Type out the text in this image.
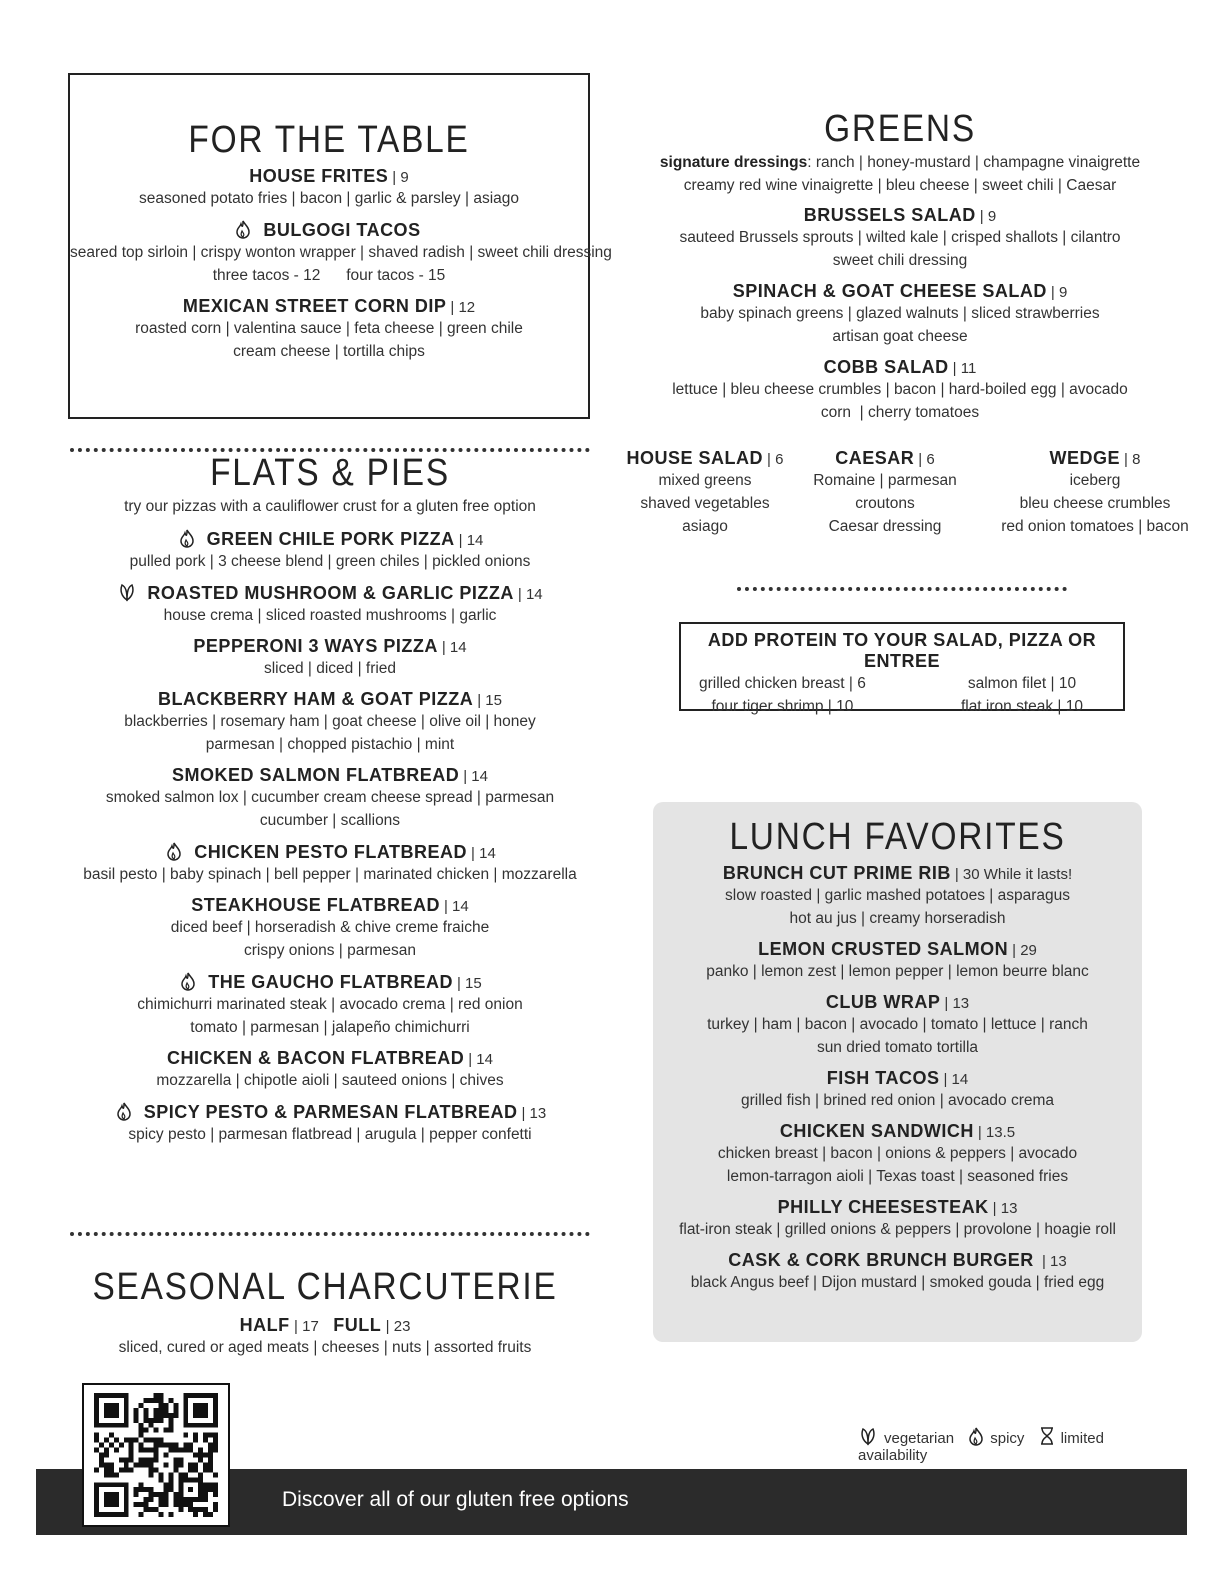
FOR THE TABLE
HOUSE FRITES | 9
seasoned potato fries | bacon | garlic & parsley | asiago
BULGOGI TACOS
seared top sirloin | crispy wonton wrapper | shaved radish | sweet chili dressing
three tacos - 12      four tacos - 15
MEXICAN STREET CORN DIP | 12
roasted corn | valentina sauce | feta cheese | green chile
cream cheese | tortilla chips
FLATS & PIES
try our pizzas with a cauliflower crust for a gluten free option
GREEN CHILE PORK PIZZA | 14
pulled pork | 3 cheese blend | green chiles | pickled onions
ROASTED MUSHROOM & GARLIC PIZZA | 14
house crema | sliced roasted mushrooms | garlic
PEPPERONI 3 WAYS PIZZA | 14
sliced | diced | fried
BLACKBERRY HAM & GOAT PIZZA | 15
blackberries | rosemary ham | goat cheese | olive oil | honey
parmesan | chopped pistachio | mint
SMOKED SALMON FLATBREAD | 14
smoked salmon lox | cucumber cream cheese spread | parmesan
cucumber | scallions
CHICKEN PESTO FLATBREAD | 14
basil pesto | baby spinach | bell pepper | marinated chicken | mozzarella
STEAKHOUSE FLATBREAD | 14
diced beef | horseradish & chive creme fraiche
crispy onions | parmesan
THE GAUCHO FLATBREAD | 15
chimichurri marinated steak | avocado crema | red onion
tomato | parmesan | jalapeño chimichurri
CHICKEN & BACON FLATBREAD | 14
mozzarella | chipotle aioli | sauteed onions | chives
SPICY PESTO & PARMESAN FLATBREAD | 13
spicy pesto | parmesan flatbread | arugula | pepper confetti
SEASONAL CHARCUTERIE
HALF | 17 FULL | 23
sliced, cured or aged meats | cheeses | nuts | assorted fruits
GREENS
signature dressings: ranch | honey-mustard | champagne vinaigrette
creamy red wine vinaigrette | bleu cheese | sweet chili | Caesar
BRUSSELS SALAD | 9
sauteed Brussels sprouts | wilted kale | crisped shallots | cilantro
sweet chili dressing
SPINACH & GOAT CHEESE SALAD | 9
baby spinach greens | glazed walnuts | sliced strawberries
artisan goat cheese
COBB SALAD | 11
lettuce | bleu cheese crumbles | bacon | hard-boiled egg | avocado
corn  | cherry tomatoes
HOUSE SALAD | 6
mixed greens
shaved vegetables
asiago
CAESAR | 6
Romaine | parmesan
croutons
Caesar dressing
WEDGE | 8
iceberg
bleu cheese crumbles
red onion tomatoes | bacon
ADD PROTEIN TO YOUR SALAD, PIZZA OR ENTREE
grilled chicken breast | 6
four tiger shrimp | 10
salmon filet | 10
flat iron steak | 10
LUNCH FAVORITES
BRUNCH CUT PRIME RIB | 30 While it lasts!
slow roasted | garlic mashed potatoes | asparagus
hot au jus | creamy horseradish
LEMON CRUSTED SALMON | 29
panko | lemon zest | lemon pepper | lemon beurre blanc
CLUB WRAP | 13
turkey | ham | bacon | avocado | tomato | lettuce | ranch
sun dried tomato tortilla
FISH TACOS | 14
grilled fish | brined red onion | avocado crema
CHICKEN SANDWICH | 13.5
chicken breast | bacon | onions & peppers | avocado
lemon-tarragon aioli | Texas toast | seasoned fries
PHILLY CHEESESTEAK | 13
flat-iron steak | grilled onions & peppers | provolone | hoagie roll
CASK & CORK BRUNCH BURGER | 13
black Angus beef | Dijon mustard | smoked gouda | fried egg
vegetarian spicy limited availability
Discover all of our gluten free options
